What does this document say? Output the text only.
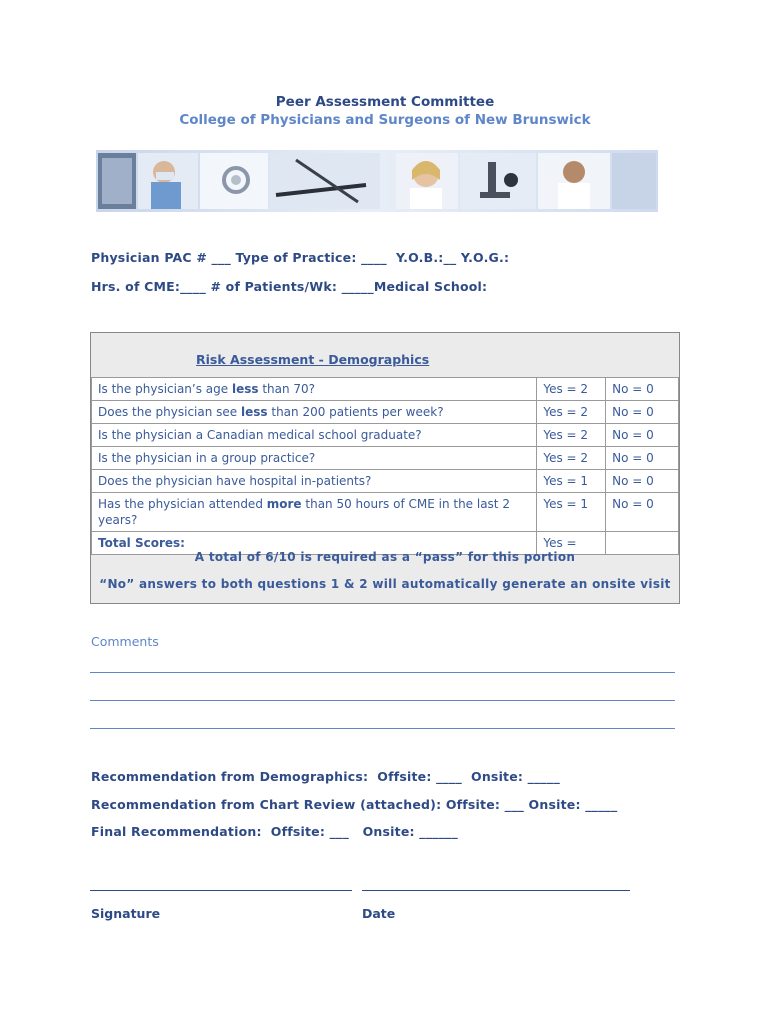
Peer Assessment Committee
College of Physicians and Surgeons of New Brunswick
Physician PAC # ___ Type of Practice: ____  Y.O.B.:__ Y.O.G.:
Hrs. of CME:____ # of Patients/Wk: _____Medical School:
Risk Assessment - Demographics
Is the physician’s age less than 70?	Yes = 2	No = 0
Does the physician see less than 200 patients per week?	Yes = 2	No = 0
Is the physician a Canadian medical school graduate?	Yes = 2	No = 0
Is the physician in a group practice?	Yes = 2	No = 0
Does the physician have hospital in-patients?	Yes = 1	No = 0
Has the physician attended more than 50 hours of CME in the last 2 years?	Yes = 1	No = 0
Total Scores:	Yes =	
A total of 6/10 is required as a “pass” for this portion
“No” answers to both questions 1 & 2 will automatically generate an onsite visit
Comments
Recommendation from Demographics:  Offsite: ____  Onsite: _____
Recommendation from Chart Review (attached): Offsite: ___ Onsite: _____
Final Recommendation:  Offsite: ___   Onsite: ______
Signature	Date
